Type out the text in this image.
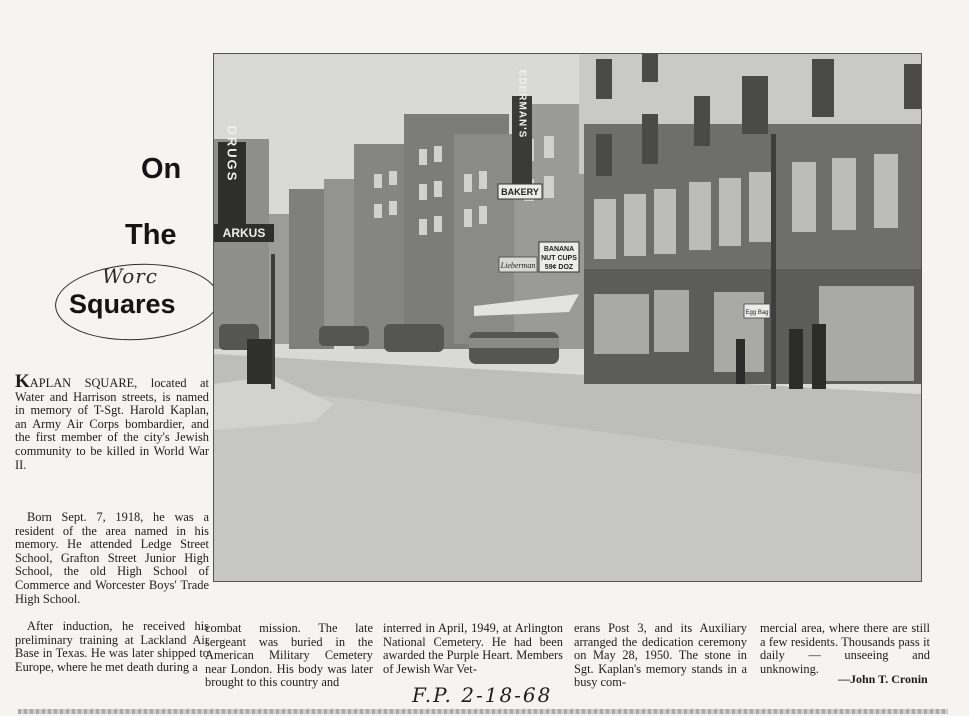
On
The
Worc
Squares
DRUGS
ARKUS
EDERMAN'S
BAKERY
BANANA
NUT CUPS
59¢ DOZ
Lieberman
Egg Bag

KAPLAN SQUARE, located at Water and Harrison streets, is named in memory of T-Sgt. Harold Kaplan, an Army Air Corps bombardier, and the first member of the city's Jewish community to be killed in World War II.

Born Sept. 7, 1918, he was a resident of the area named in his memory. He attended Ledge Street School, Grafton Street Junior High School, the old High School of Commerce and Worcester Boys' Trade High School.

After induction, he received his preliminary training at Lackland Air Base in Texas. He was later shipped to Europe, where he met death during a

combat mission. The late sergeant was buried in the American Military Cemetery near London. His body was later brought to this country and

interred in April, 1949, at Arlington National Cemetery. He had been awarded the Purple Heart. Members of Jewish War Vet-

erans Post 3, and its Auxiliary arranged the dedication ceremony on May 28, 1950. The stone in Sgt. Kaplan's memory stands in a busy com-

mercial area, where there are still a few residents. Thousands pass it daily — unseeing and unknowing.

—John T. Cronin
F.P. 2-18-68
